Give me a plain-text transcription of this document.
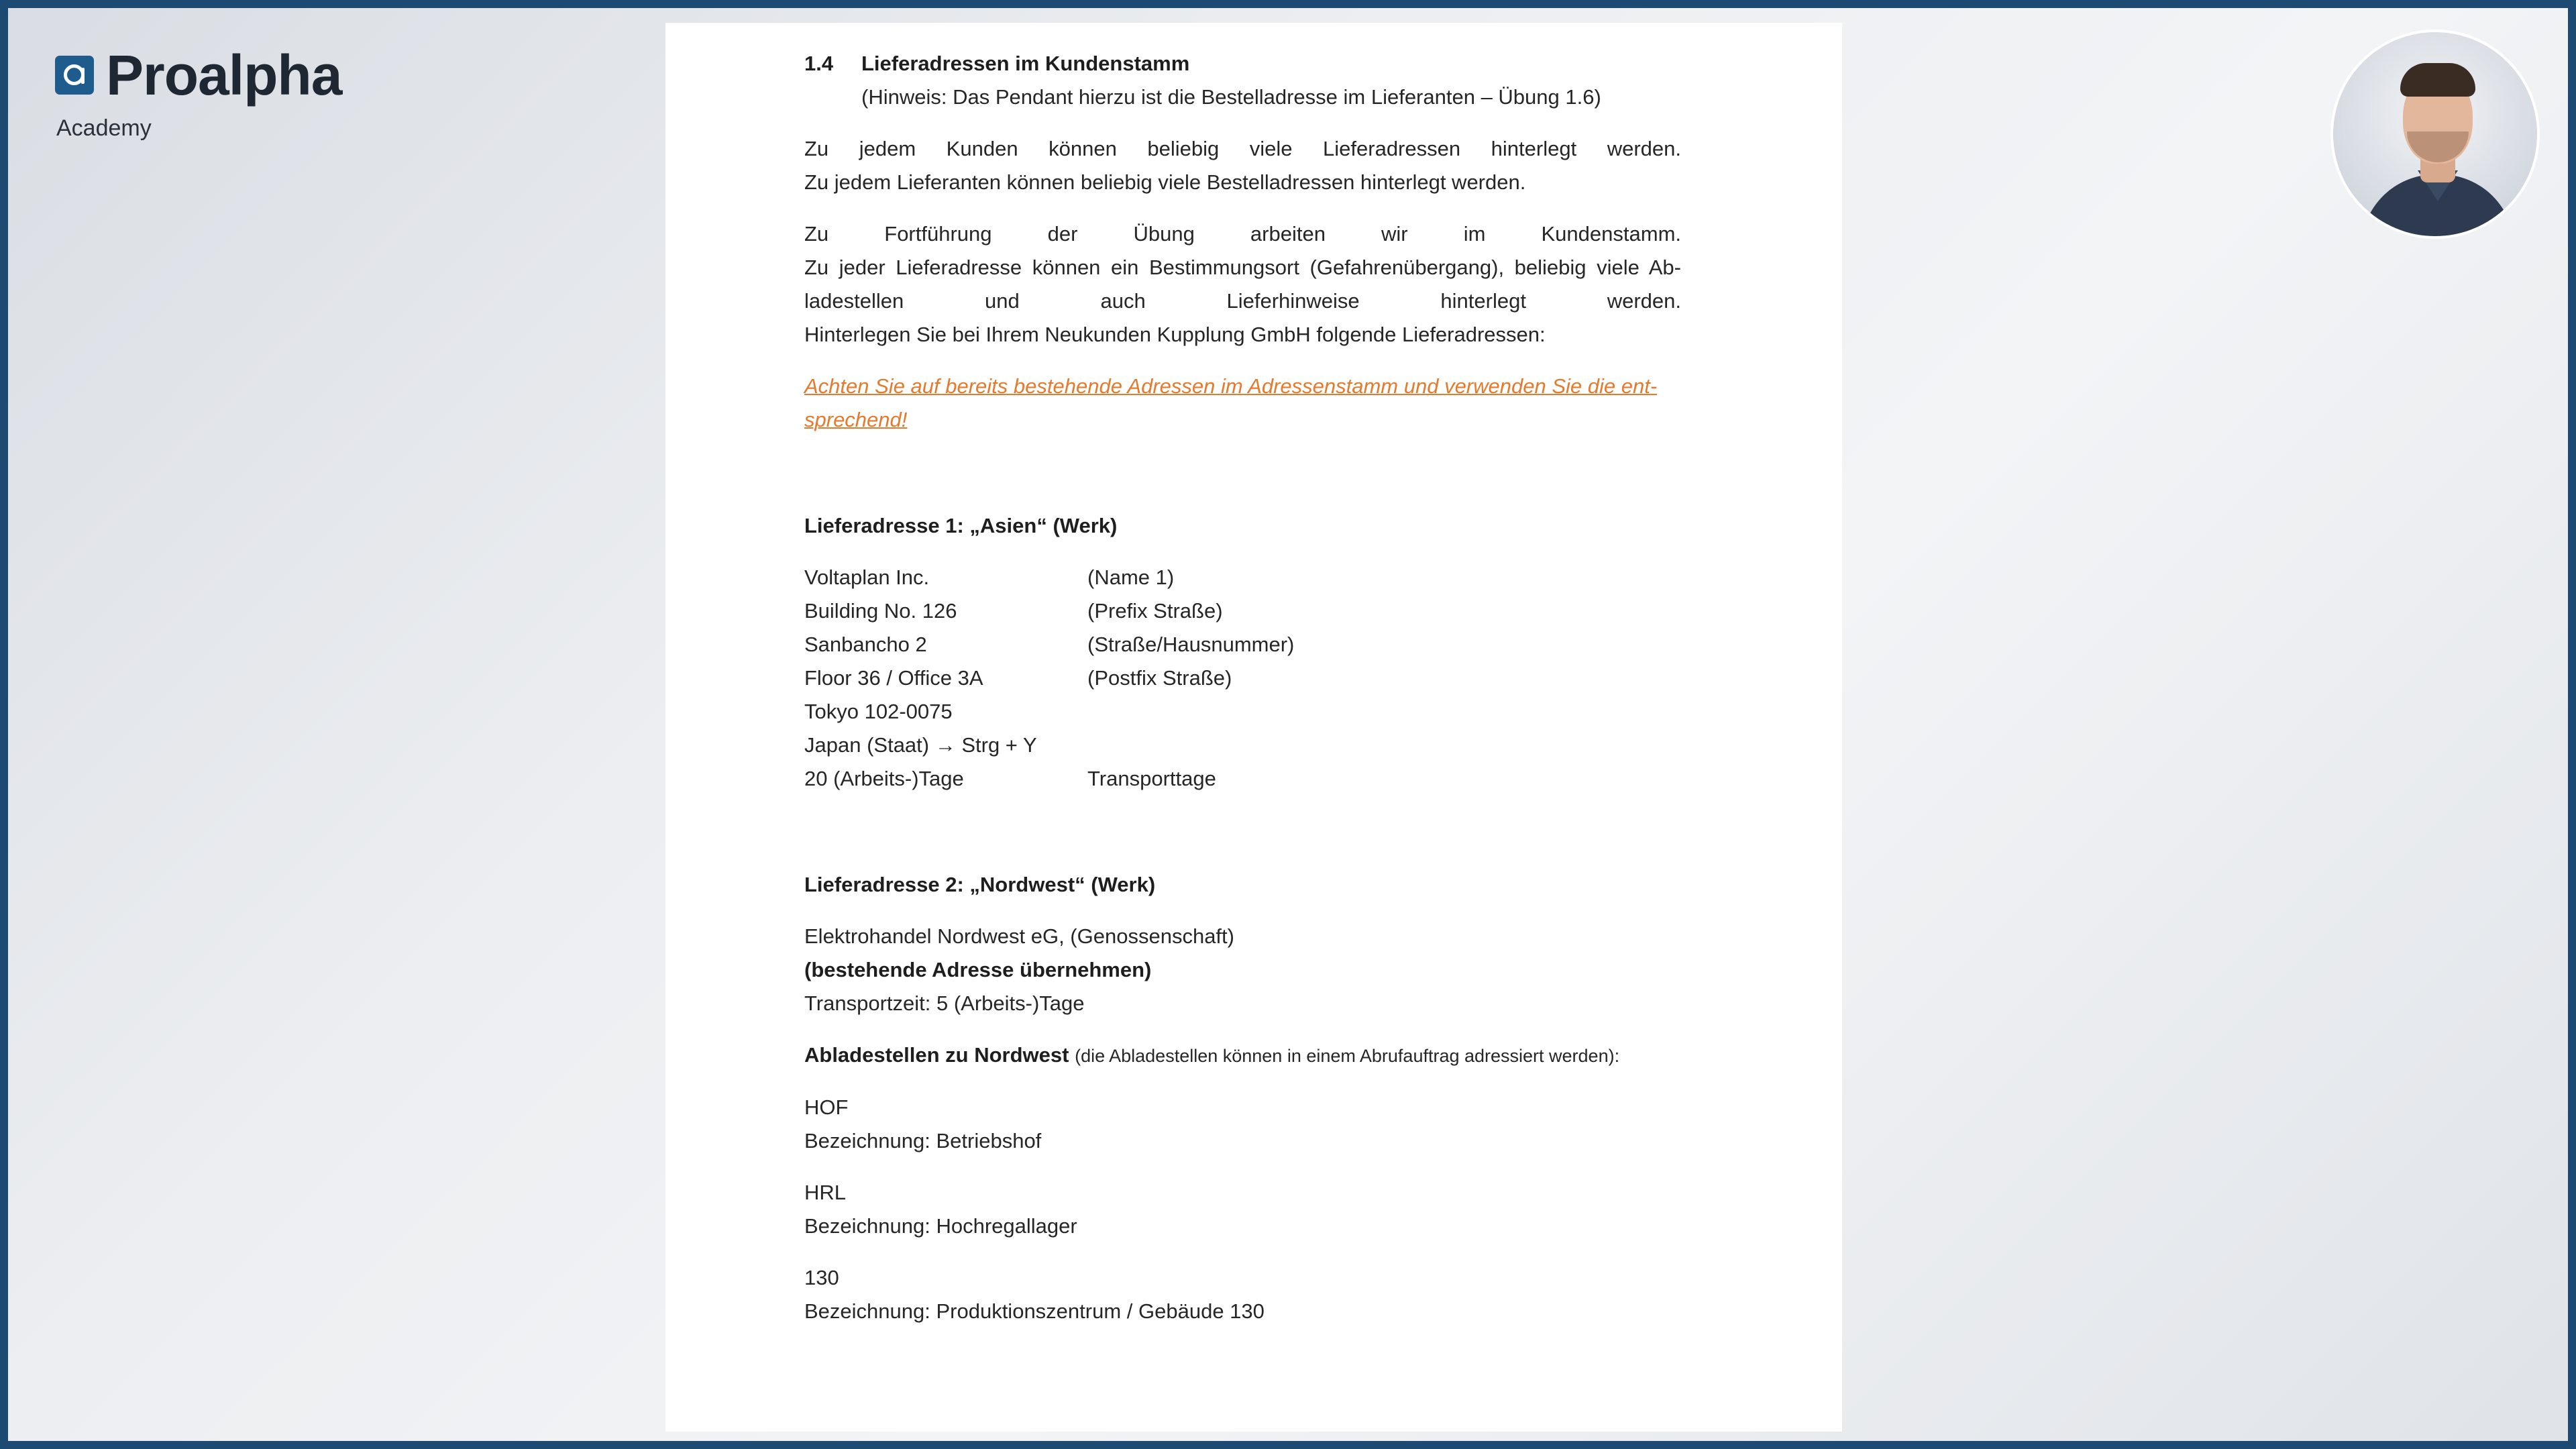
Proalpha
Academy
1.4	Lieferadressen im Kundenstamm
(Hinweis: Das Pendant hierzu ist die Bestelladresse im Lieferanten – Übung 1.6)

Zu jedem Kunden können beliebig viele Lieferadressen hinterlegt werden.

Zu jedem Lieferanten können beliebig viele Bestelladressen hinterlegt werden.

Zu Fortführung der Übung arbeiten wir im Kundenstamm.

Zu jeder Lieferadresse können ein Bestimmungsort (Gefahrenübergang), beliebig viele Ab-

ladestellen und auch Lieferhinweise hinterlegt werden.

Hinterlegen Sie bei Ihrem Neukunden Kupplung GmbH folgende Lieferadressen:

Achten Sie auf bereits bestehende Adressen im Adressenstamm und verwenden Sie die ent-

sprechend!

Lieferadresse 1: „Asien“ (Werk)
Voltaplan Inc.	(Name 1)
Building No. 126	(Prefix Straße)
Sanbancho 2	(Straße/Hausnummer)
Floor 36 / Office 3A	(Postfix Straße)
Tokyo 102-0075	
Japan (Staat) → Strg + Y	
20 (Arbeits-)Tage	Transporttage
Lieferadresse 2: „Nordwest“ (Werk)

Elektrohandel Nordwest eG, (Genossenschaft)

(bestehende Adresse übernehmen)

Transportzeit: 5 (Arbeits-)Tage

Abladestellen zu Nordwest (die Abladestellen können in einem Abrufauftrag adressiert werden):

HOF

Bezeichnung: Betriebshof

HRL

Bezeichnung: Hochregallager

130

Bezeichnung: Produktionszentrum / Gebäude 130
